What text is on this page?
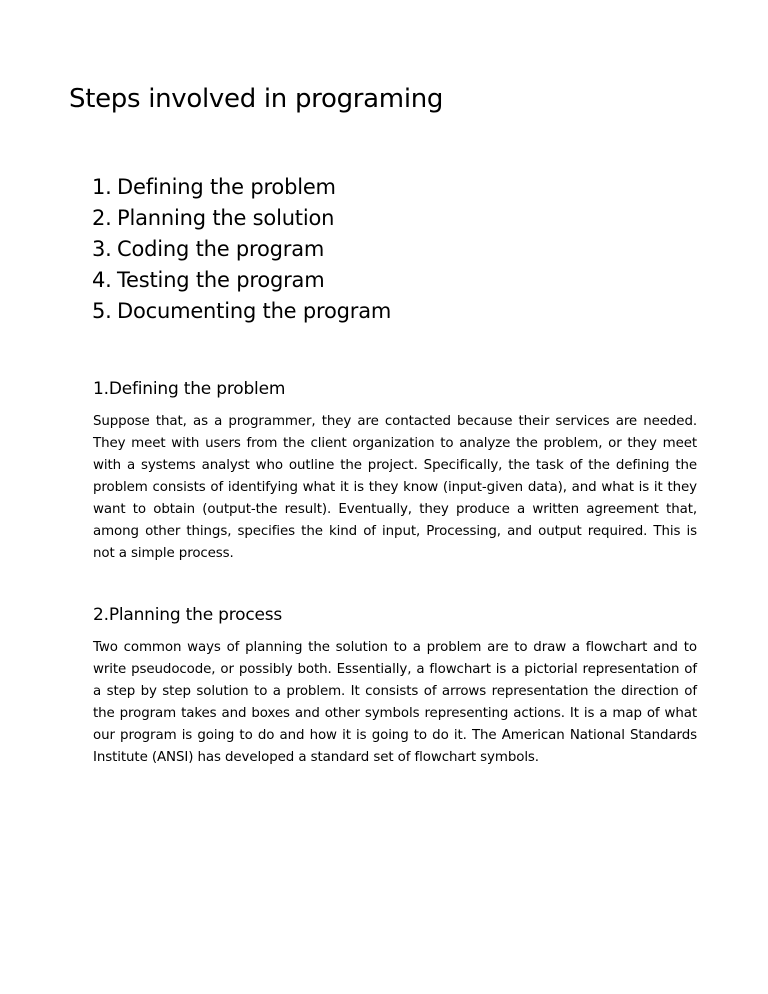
Steps involved in programing
1. Defining the problem
2. Planning the solution
3. Coding the program
4. Testing the program
5. Documenting the program
1.Defining the problem

Suppose that, as a programmer, they are contacted because their services are needed. They meet with users from the client organization to analyze the problem, or they meet with a systems analyst who outline the project. Specifically, the task of the defining the problem consists of identifying what it is they know (input-given data), and what is it they want to obtain (output-the result). Eventually, they produce a written agreement that, among other things, specifies the kind of input, Processing, and output required. This is not a simple process.

2.Planning the process

Two common ways of planning the solution to a problem are to draw a flowchart and to write pseudocode, or possibly both. Essentially, a flowchart is a pictorial representation of a step by step solution to a problem. It consists of arrows representation the direction of the program takes and boxes and other symbols representing actions. It is a map of what our program is going to do and how it is going to do it. The American National Standards Institute (ANSI) has developed a standard set of flowchart symbols.
